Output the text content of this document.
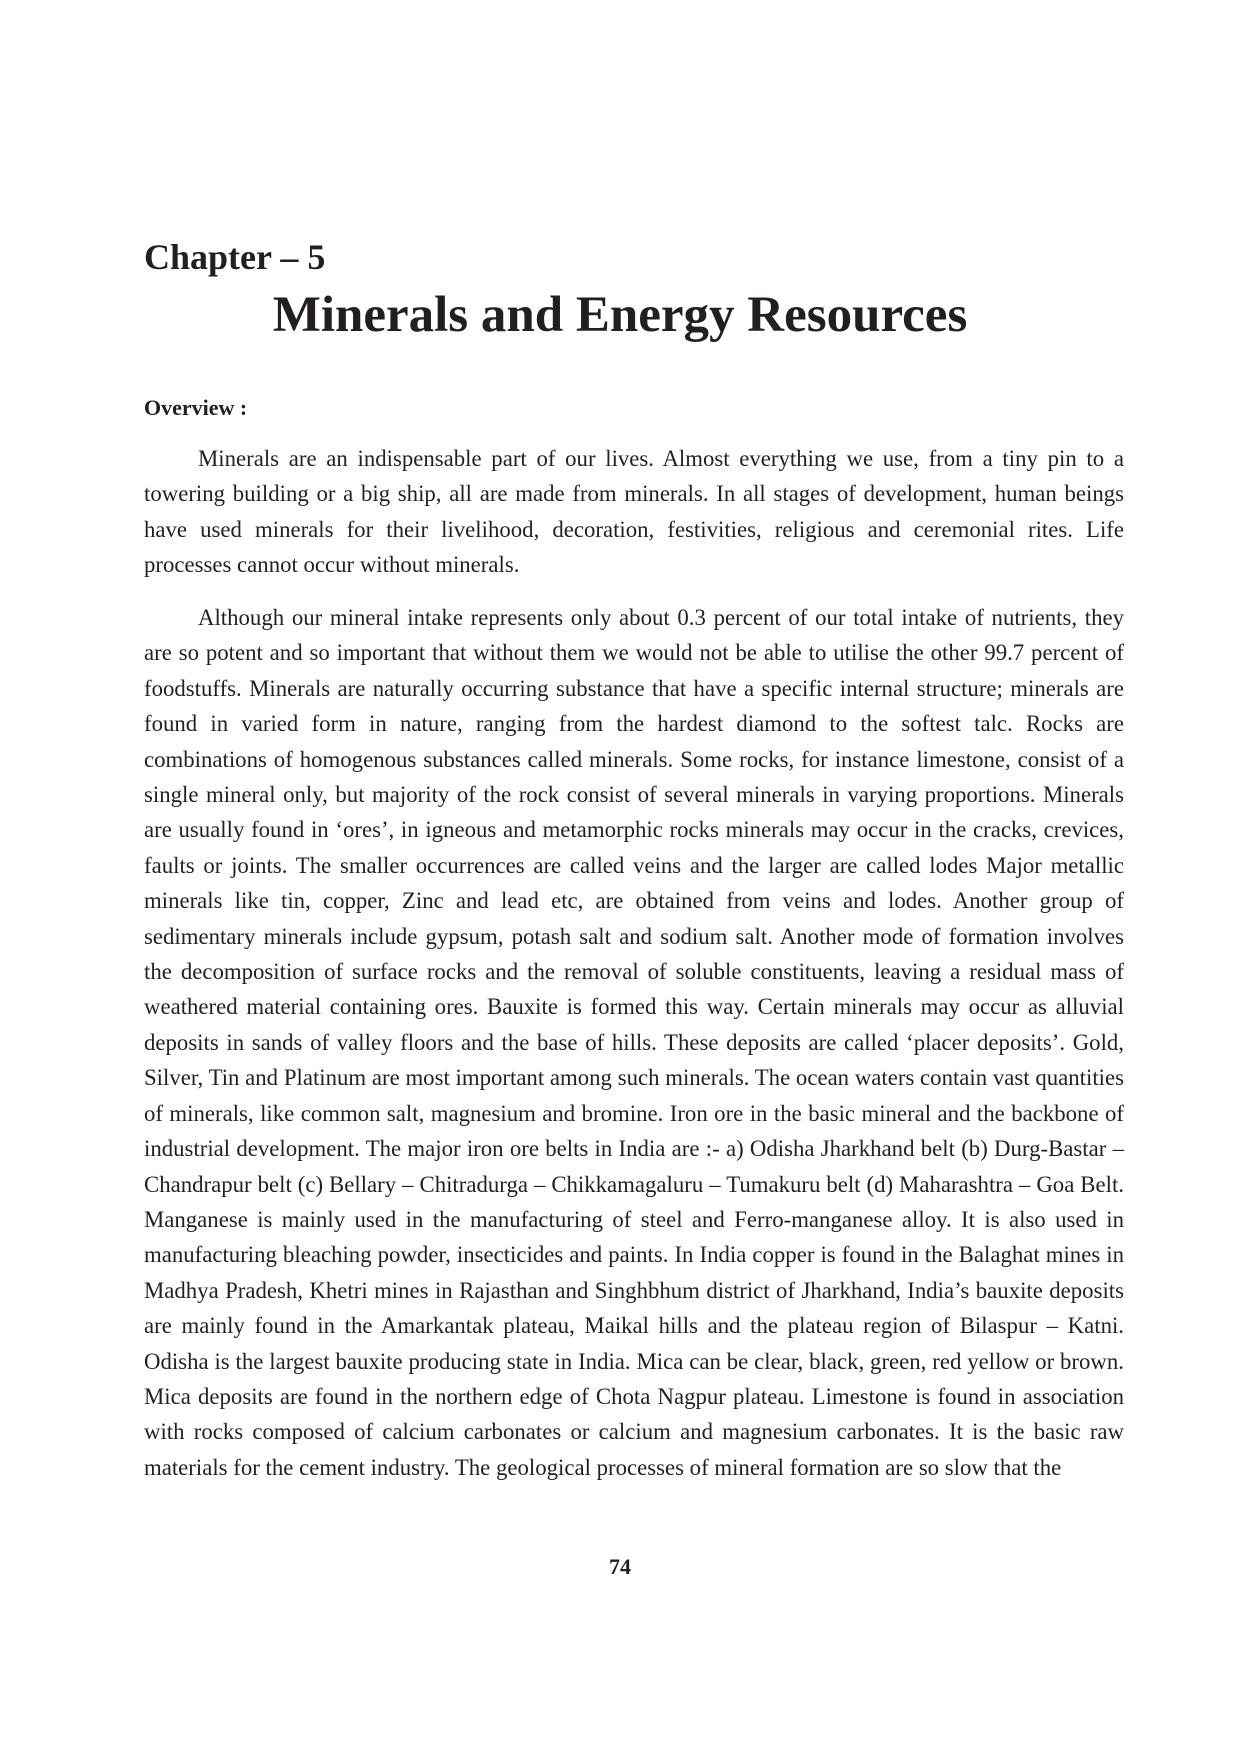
Chapter – 5
Minerals and Energy Resources
Overview :

Minerals are an indispensable part of our lives. Almost everything we use, from a tiny pin to a towering building or a big ship, all are made from minerals. In all stages of development, human beings have used minerals for their livelihood, decoration, festivities, religious and ceremonial rites. Life processes cannot occur without minerals.

Although our mineral intake represents only about 0.3 percent of our total intake of nutrients, they are so potent and so important that without them we would not be able to utilise the other 99.7 percent of foodstuffs. Minerals are naturally occurring substance that have a specific internal structure; minerals are found in varied form in nature, ranging from the hardest diamond to the softest talc. Rocks are combinations of homogenous substances called minerals. Some rocks, for instance limestone, consist of a single mineral only, but majority of the rock consist of several minerals in varying proportions. Minerals are usually found in ‘ores’, in igneous and metamorphic rocks minerals may occur in the cracks, crevices, faults or joints. The smaller occurrences are called veins and the larger are called lodes Major metallic minerals like tin, copper, Zinc and lead etc, are obtained from veins and lodes. Another group of sedimentary minerals include gypsum, potash salt and sodium salt. Another mode of formation involves the decomposition of surface rocks and the removal of soluble constituents, leaving a residual mass of weathered material containing ores. Bauxite is formed this way. Certain minerals may occur as alluvial deposits in sands of valley floors and the base of hills. These deposits are called ‘placer deposits’. Gold, Silver, Tin and Platinum are most important among such minerals. The ocean waters contain vast quantities of minerals, like common salt, magnesium and bromine. Iron ore in the basic mineral and the backbone of industrial development. The major iron ore belts in India are :- a) Odisha Jharkhand belt (b) Durg-Bastar – Chandrapur belt (c) Bellary – Chitradurga – Chikkamagaluru – Tumakuru belt (d) Maharashtra – Goa Belt. Manganese is mainly used in the manufacturing of steel and Ferro-manganese alloy. It is also used in manufacturing bleaching powder, insecticides and paints. In India copper is found in the Balaghat mines in Madhya Pradesh, Khetri mines in Rajasthan and Singhbhum district of Jharkhand, India’s bauxite deposits are mainly found in the Amarkantak plateau, Maikal hills and the plateau region of Bilaspur – Katni. Odisha is the largest bauxite producing state in India. Mica can be clear, black, green, red yellow or brown. Mica deposits are found in the northern edge of Chota Nagpur plateau. Limestone is found in association with rocks composed of calcium carbonates or calcium and magnesium carbonates. It is the basic raw materials for the cement industry. The geological processes of mineral formation are so slow that the

74
